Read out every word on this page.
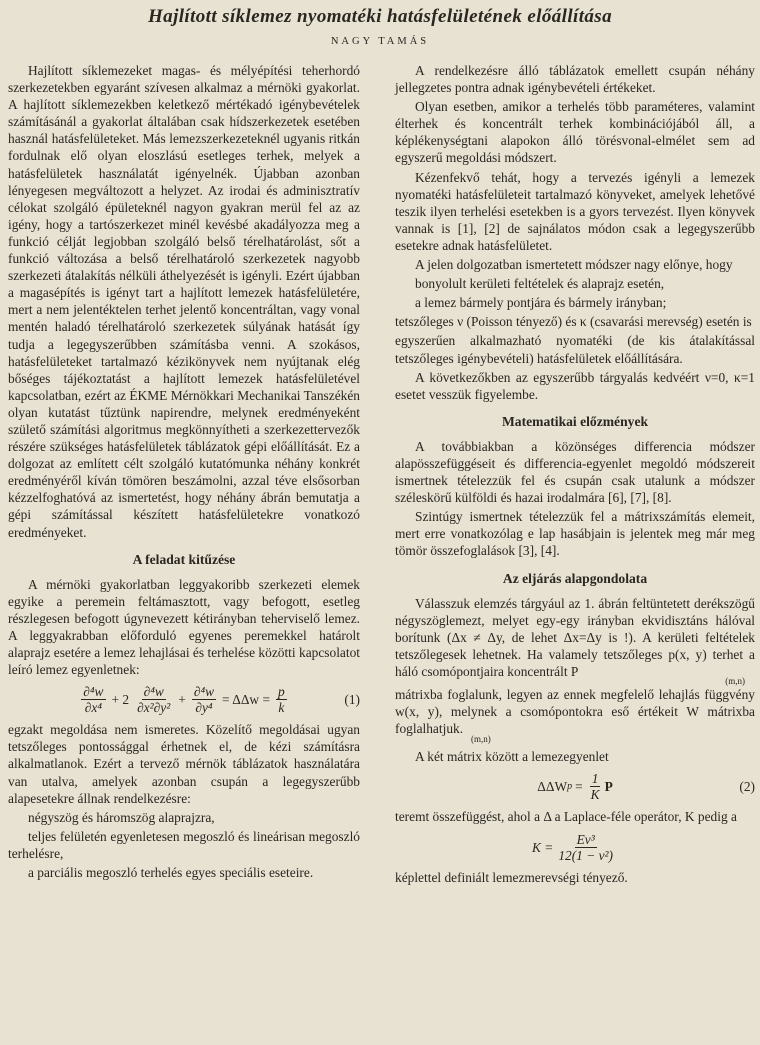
Hajlított síklemez nyomatéki hatásfelületének előállítása
NAGY TAMÁS

Hajlított síklemezeket magas- és mélyépítési teherhordó szerkezetekben egyaránt szívesen alkalmaz a mérnöki gyakorlat. A hajlított síklemezekben keletkező mértékadó igénybevételek számításánál a gyakorlat általában csak hídszerkezetek esetében használ hatásfelületeket. Más lemezszerkezeteknél ugyanis ritkán fordulnak elő olyan eloszlású esetleges terhek, melyek a hatásfelületek használatát igényelnék. Újabban azonban lényegesen megváltozott a helyzet. Az irodai és adminisztratív célokat szolgáló épületeknél nagyon gyakran merül fel az az igény, hogy a tartószerkezet minél kevésbé akadályozza meg a funkció célját legjobban szolgáló belső térelhatárolást, sőt a funkció változása a belső térelhatároló szerkezetek nagyobb szerkezeti átalakítás nélküli áthelyezését is igényli. Ezért újabban a magasépítés is igényt tart a hajlított lemezek hatásfelületére, mert a nem jelentéktelen terhet jelentő koncentráltan, vagy vonal mentén haladó térelhatároló szerkezetek súlyának hatását így tudja a legegyszerűbben számításba venni. A szokásos, hatásfelületeket tartalmazó kézikönyvek nem nyújtanak elég bőséges tájékoztatást a hajlított lemezek hatásfelületével kapcsolatban, ezért az ÉKME Mérnökkari Mechanikai Tanszékén olyan kutatást tűztünk napirendre, melynek eredményeként születő számítási algoritmus megkönnyítheti a szerkezettervezők részére szükséges hatásfelületek táblázatok gépi előállítását. Ez a dolgozat az említett célt szolgáló kutatómunka néhány konkrét eredményéről kíván tömören beszámolni, azzal téve elsősorban kézzelfoghatóvá az ismertetést, hogy néhány ábrán bemutatja a gépi számítással készített hatásfelületekre vonatkozó eredményeket.

A feladat kitűzése

A mérnöki gyakorlatban leggyakoribb szerkezeti elemek egyike a peremein feltámasztott, vagy befogott, esetleg részlegesen befogott úgynevezett kétirányban teherviselő lemez. A leggyakrabban előforduló egyenes peremekkel határolt alaprajz esetére a lemez lehajlásai és terhelése közötti kapcsolatot leíró lemez egyenletnek:

$\frac{\text{∂⁴w}}{\text{∂x⁴}} + 2 \frac{\text{∂⁴w}}{\text{∂x²∂y²}} + \frac{\text{∂⁴w}}{\text{∂y⁴}} = \Delta\Delta w = \frac{p}{k}$	(1)

egzakt megoldása nem ismeretes. Közelítő megoldásai ugyan tetszőleges pontossággal érhetnek el, de kézi számításra alkalmatlanok. Ezért a tervező mérnök táblázatok használatára van utalva, amelyek azonban csupán a legegyszerűbb alapesetekre állnak rendelkezésre:

négyszög és háromszög alaprajzra,

teljes felületén egyenletesen megoszló és lineárisan megoszló terhelésre,

a parciális megoszló terhelés egyes speciális eseteire.

A rendelkezésre álló táblázatok emellett csupán néhány jellegzetes pontra adnak igénybevételi értékeket.

Olyan esetben, amikor a terhelés több paraméteres, valamint élterhek és koncentrált terhek kombinációjából áll, a képlékenységtani alapokon álló törésvonal-elmélet sem ad egyszerű megoldási módszert.

Kézenfekvő tehát, hogy a tervezés igényli a lemezek nyomatéki hatásfelületeit tartalmazó könyveket, amelyek lehetővé teszik ilyen terhelési esetekben is a gyors tervezést. Ilyen könyvek vannak is [1], [2] de sajnálatos módon csak a legegyszerűbb esetekre adnak hatásfelületet.

A jelen dolgozatban ismertetett módszer nagy előnye, hogy

bonyolult kerületi feltételek és alaprajz esetén,

a lemez bármely pontjára és bármely irányban;

tetszőleges ν (Poisson tényező) és κ (csavarási merevség) esetén is

egyszerűen alkalmazható nyomatéki (de kis átalakítással tetszőleges igénybevételi) hatásfelületek előállítására.

A következőkben az egyszerűbb tárgyalás kedvéért ν=0, κ=1 esetet vesszük figyelembe.

Matematikai előzmények

A továbbiakban a közönséges differencia módszer alapösszefüggéseit és differencia-egyenlet megoldó módszereit ismertnek tételezzük fel és csupán csak utalunk a módszer széleskörű külföldi és hazai irodalmára [6], [7], [8].

Szintúgy ismertnek tételezzük fel a mátrixszámítás elemeit, mert erre vonatkozólag e lap hasábjain is jelentek meg már meg tömör összefoglalások [3], [4].

Az eljárás alapgondolata

Válasszuk elemzés tárgyául az 1. ábrán feltüntetett derékszögű négyszöglemezt, melyet egy-egy irányban ekvidisztáns hálóval borítunk (Δx ≠ Δy, de lehet Δx=Δy is !). A kerületi feltételek tetszőlegesek lehetnek. Ha valamely tetszőleges p(x, y) terhet a háló csomópontjaira koncentrált P

(m,n)

mátrixba foglalunk, legyen az ennek megfelelő lehajlás függvény w(x, y), melynek a csomópontokra eső értékeit W mátrixba foglalhatjuk.

(m,n)

A két mátrix között a lemezegyenlet

ΔΔW $p = \frac{1}{K}$ P	(2)

teremt összefüggést, ahol a Δ a Laplace-féle operátor, K pedig a

$K = \frac{\text{Ev³}}{\text{12(1 − ν²)}}$

képlettel definiált lemezmerevségi tényező.
